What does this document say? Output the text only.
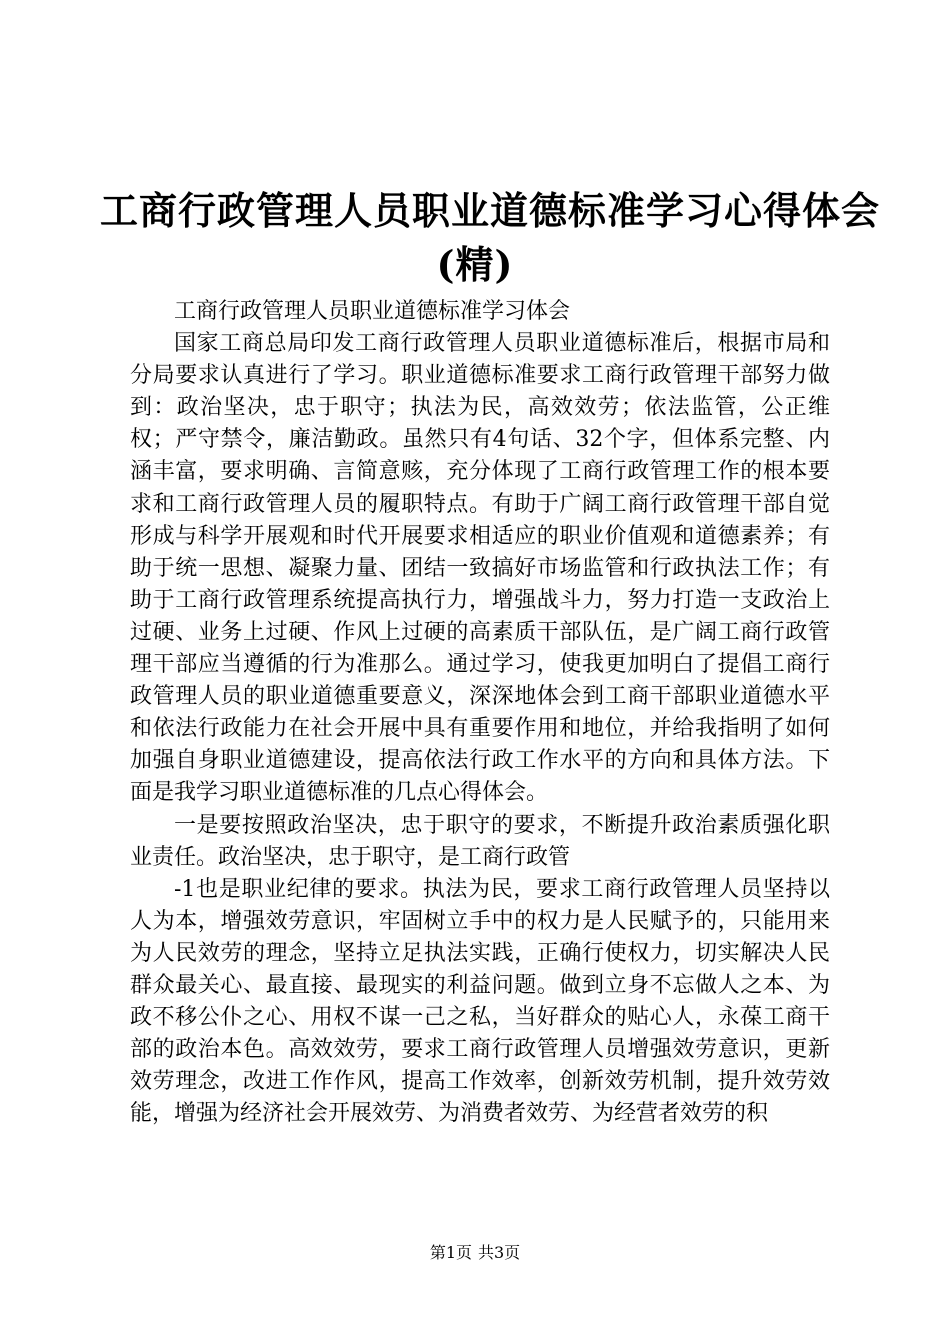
工商行政管理人员职业道德标准学习心得体会
(精)

工商行政管理人员职业道德标准学习体会

国家工商总局印发工商行政管理人员职业道德标准后，根据市局和分局要求认真进行了学习。职业道德标准要求工商行政管理干部努力做到：政治坚决，忠于职守；执法为民，高效效劳；依法监管，公正维权；严守禁令，廉洁勤政。虽然只有4句话、32个字，但体系完整、内涵丰富，要求明确、言简意赅，充分体现了工商行政管理工作的根本要求和工商行政管理人员的履职特点。有助于广阔工商行政管理干部自觉形成与科学开展观和时代开展要求相适应的职业价值观和道德素养；有助于统一思想、凝聚力量、团结一致搞好市场监管和行政执法工作；有助于工商行政管理系统提高执行力，增强战斗力，努力打造一支政治上过硬、业务上过硬、作风上过硬的高素质干部队伍，是广阔工商行政管理干部应当遵循的行为准那么。通过学习，使我更加明白了提倡工商行政管理人员的职业道德重要意义，深深地体会到工商干部职业道德水平和依法行政能力在社会开展中具有重要作用和地位，并给我指明了如何加强自身职业道德建设，提高依法行政工作水平的方向和具体方法。下面是我学习职业道德标准的几点心得体会。

一是要按照政治坚决，忠于职守的要求，不断提升政治素质强化职业责任。政治坚决，忠于职守，是工商行政管

-1也是职业纪律的要求。执法为民，要求工商行政管理人员坚持以人为本，增强效劳意识，牢固树立手中的权力是人民赋予的，只能用来为人民效劳的理念，坚持立足执法实践，正确行使权力，切实解决人民群众最关心、最直接、最现实的利益问题。做到立身不忘做人之本、为政不移公仆之心、用权不谋一己之私，当好群众的贴心人，永葆工商干部的政治本色。高效效劳，要求工商行政管理人员增强效劳意识，更新效劳理念，改进工作作风，提高工作效率，创新效劳机制，提升效劳效能，增强为经济社会开展效劳、为消费者效劳、为经营者效劳的积

第1页 共3页
